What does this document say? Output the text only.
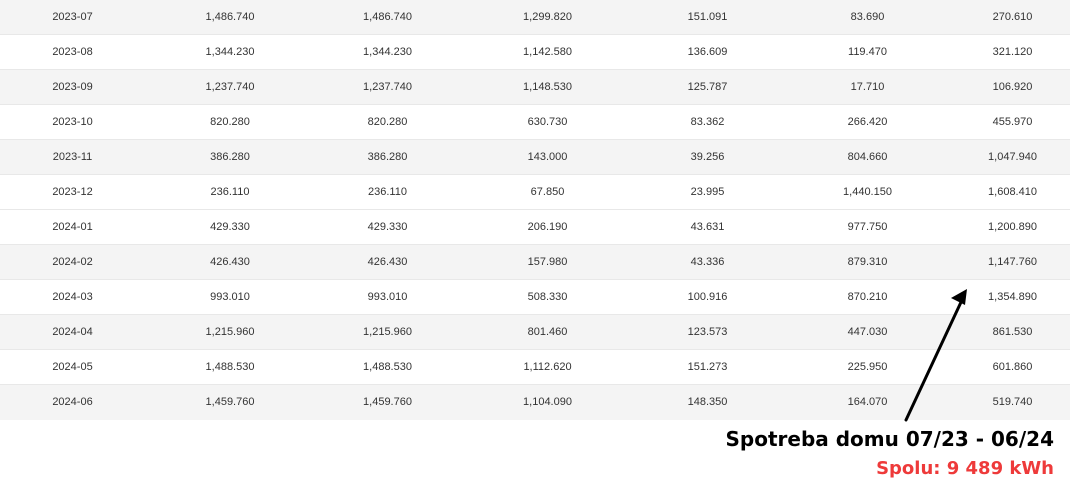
2023-07	1,486.740	1,486.740	1,299.820	151.091	83.690	270.610
2023-08	1,344.230	1,344.230	1,142.580	136.609	119.470	321.120
2023-09	1,237.740	1,237.740	1,148.530	125.787	17.710	106.920
2023-10	820.280	820.280	630.730	83.362	266.420	455.970
2023-11	386.280	386.280	143.000	39.256	804.660	1,047.940
2023-12	236.110	236.110	67.850	23.995	1,440.150	1,608.410
2024-01	429.330	429.330	206.190	43.631	977.750	1,200.890
2024-02	426.430	426.430	157.980	43.336	879.310	1,147.760
2024-03	993.010	993.010	508.330	100.916	870.210	1,354.890
2024-04	1,215.960	1,215.960	801.460	123.573	447.030	861.530
2024-05	1,488.530	1,488.530	1,112.620	151.273	225.950	601.860
2024-06	1,459.760	1,459.760	1,104.090	148.350	164.070	519.740
Spotreba domu 07/23 - 06/24
Spolu: 9 489 kWh
